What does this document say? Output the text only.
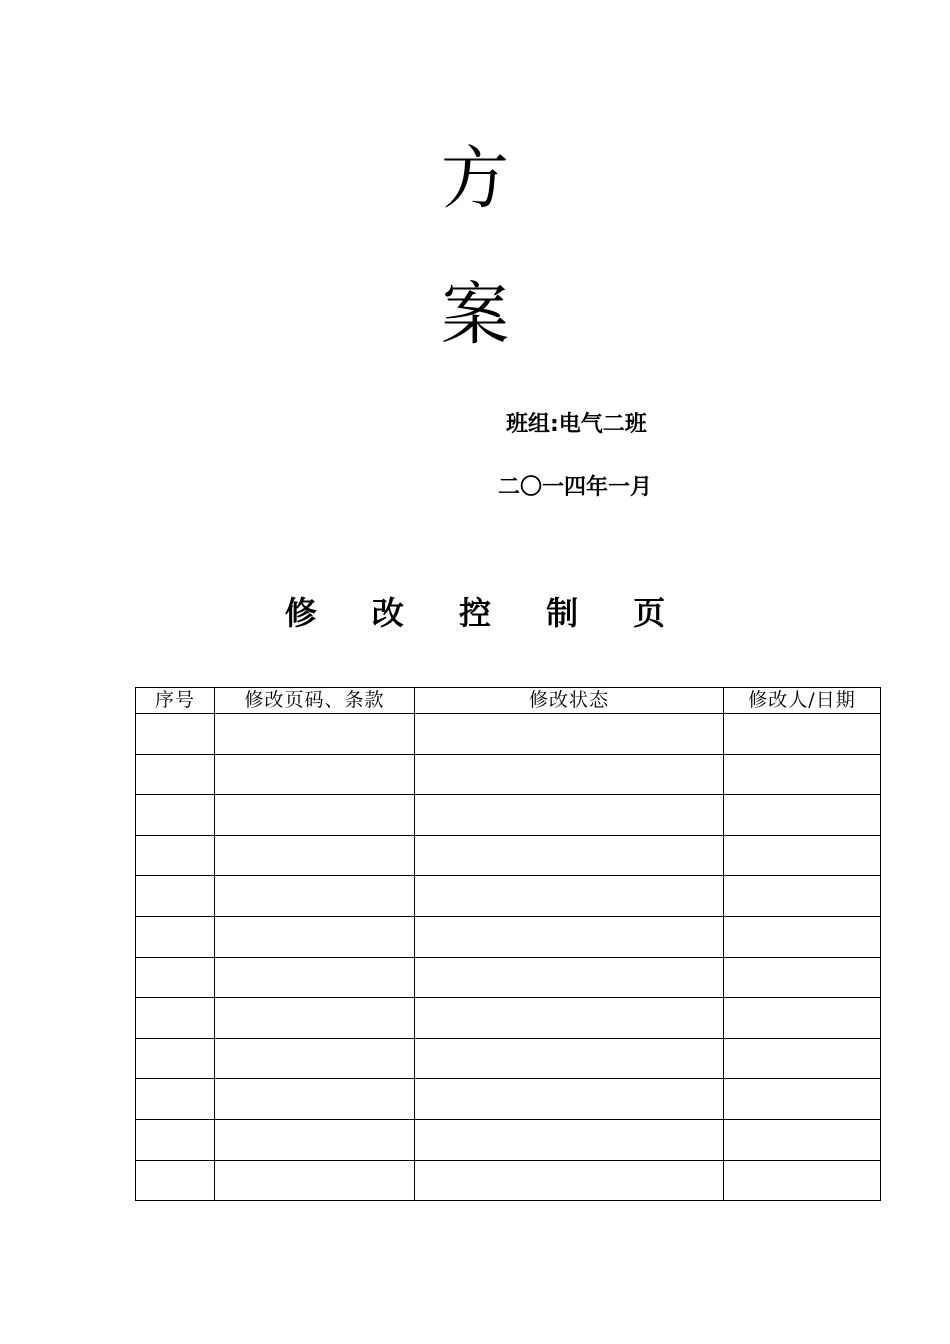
方
案
班组:电气二班
二〇一四年一月
修 改 控 制 页
序号	修改页码、条款	修改状态	修改人/日期
